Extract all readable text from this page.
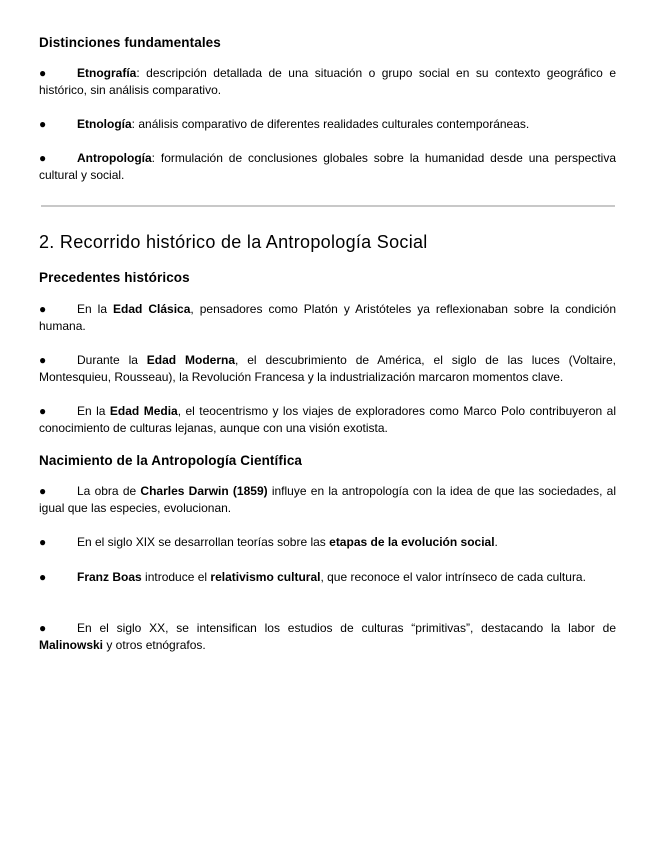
Distinciones fundamentales

●	Etnografía: descripción detallada de una situación o grupo social en su contexto geográfico e histórico, sin análisis comparativo.

●	Etnología: análisis comparativo de diferentes realidades culturales contemporáneas.

●	Antropología: formulación de conclusiones globales sobre la humanidad desde una perspectiva cultural y social.

2. Recorrido histórico de la Antropología Social
Precedentes históricos

●	En la Edad Clásica, pensadores como Platón y Aristóteles ya reflexionaban sobre la condición humana.

●	Durante la Edad Moderna, el descubrimiento de América, el siglo de las luces (Voltaire, Montesquieu, Rousseau), la Revolución Francesa y la industrialización marcaron momentos clave.

●	En la Edad Media, el teocentrismo y los viajes de exploradores como Marco Polo contribuyeron al conocimiento de culturas lejanas, aunque con una visión exotista.

Nacimiento de la Antropología Científica

●	La obra de Charles Darwin (1859) influye en la antropología con la idea de que las sociedades, al igual que las especies, evolucionan.

●	En el siglo XIX se desarrollan teorías sobre las etapas de la evolución social.

●	Franz Boas introduce el relativismo cultural, que reconoce el valor intrínseco de cada cultura.

●	En el siglo XX, se intensifican los estudios de culturas “primitivas”, destacando la labor de Malinowski y otros etnógrafos.
